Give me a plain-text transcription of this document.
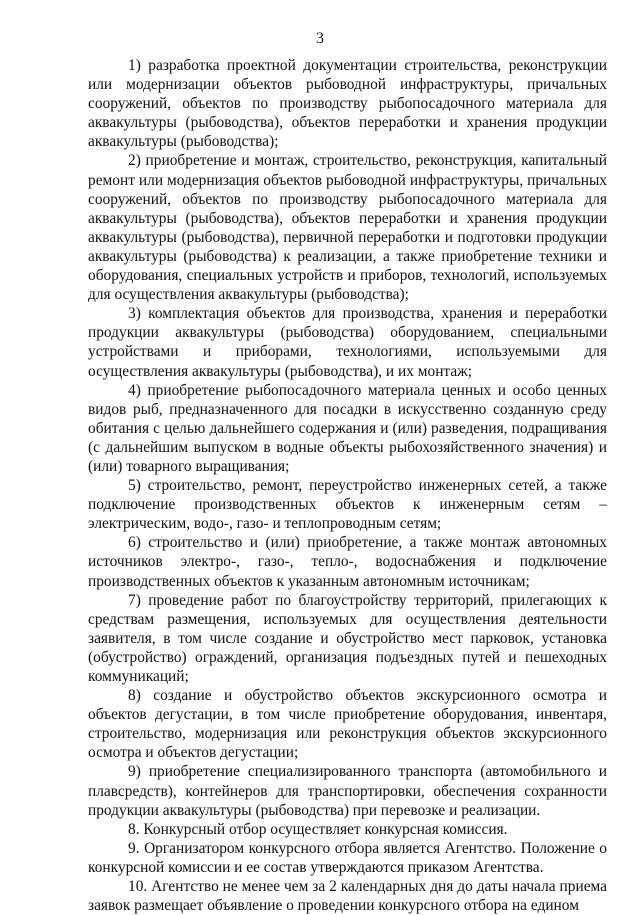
3

1) разработка проектной документации строительства, реконструкции или модернизации объектов рыбоводной инфраструктуры, причальных сооружений, объектов по производству рыбопосадочного материала для аквакультуры (рыбоводства), объектов переработки и хранения продукции аквакультуры (рыбоводства);

2) приобретение и монтаж, строительство, реконструкция, капитальный ремонт или модернизация объектов рыбоводной инфраструктуры, причальных сооружений, объектов по производству рыбопосадочного материала для аквакультуры (рыбоводства), объектов переработки и хранения продукции аквакультуры (рыбоводства), первичной переработки и подготовки продукции аквакультуры (рыбоводства) к реализации, а также приобретение техники и оборудования, специальных устройств и приборов, технологий, используемых для осуществления аквакультуры (рыбоводства);

3) комплектация объектов для производства, хранения и переработки продукции аквакультуры (рыбоводства) оборудованием, специальными устройствами и приборами, технологиями, используемыми для осуществления аквакультуры (рыбоводства), и их монтаж;

4) приобретение рыбопосадочного материала ценных и особо ценных видов рыб, предназначенного для посадки в искусственно созданную среду обитания с целью дальнейшего содержания и (или) разведения, подращивания (с дальнейшим выпуском в водные объекты рыбохозяйственного значения) и (или) товарного выращивания;

5) строительство, ремонт, переустройство инженерных сетей, а также подключение производственных объектов к инженерным сетям – электрическим, водо-, газо- и теплопроводным сетям;

6) строительство и (или) приобретение, а также монтаж автономных источников электро-, газо-, тепло-, водоснабжения и подключение производственных объектов к указанным автономным источникам;

7) проведение работ по благоустройству территорий, прилегающих к средствам размещения, используемых для осуществления деятельности заявителя, в том числе создание и обустройство мест парковок, установка (обустройство) ограждений, организация подъездных путей и пешеходных коммуникаций;

8) создание и обустройство объектов экскурсионного осмотра и объектов дегустации, в том числе приобретение оборудования, инвентаря, строительство, модернизация или реконструкция объектов экскурсионного осмотра и объектов дегустации;

9) приобретение специализированного транспорта (автомобильного и плавсредств), контейнеров для транспортировки, обеспечения сохранности продукции аквакультуры (рыбоводства) при перевозке и реализации.

8. Конкурсный отбор осуществляет конкурсная комиссия.

9. Организатором конкурсного отбора является Агентство. Положение о конкурсной комиссии и ее состав утверждаются приказом Агентства.

10. Агентство не менее чем за 2 календарных дня до даты начала приема заявок размещает объявление о проведении конкурсного отбора на едином
